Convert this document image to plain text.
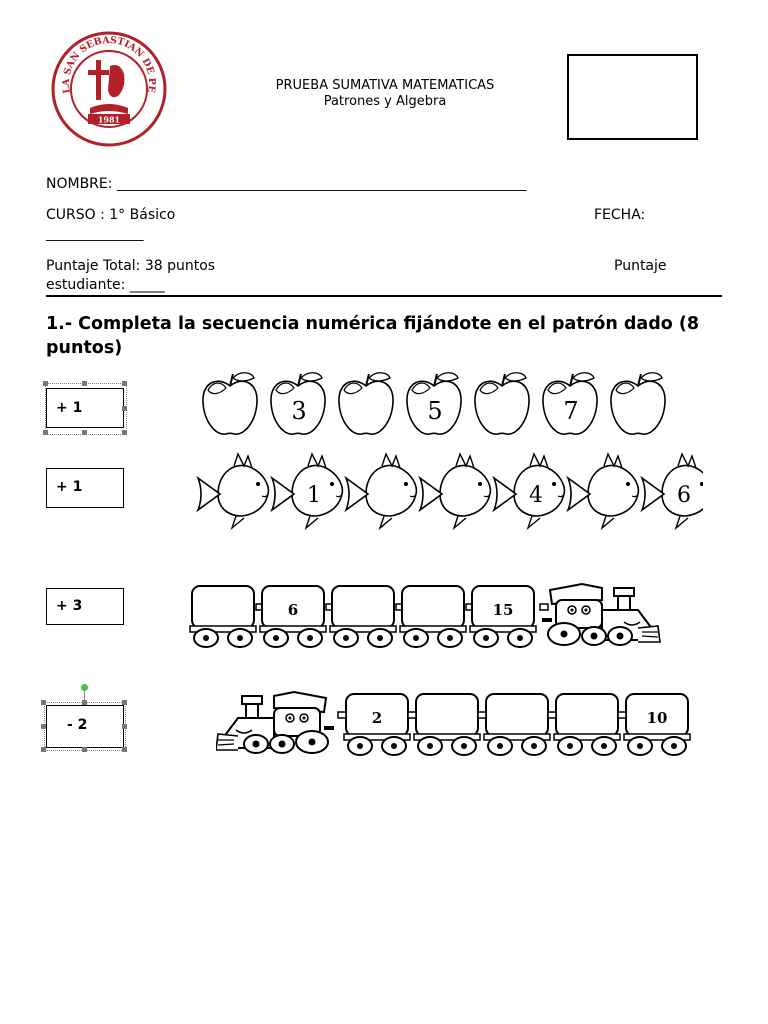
LA SAN SEBASTIAN DE PE
1981
PRUEBA SUMATIVA MATEMATICAS
Patrones y Algebra
NOMBRE: _______________________________________________________________
CURSO : 1° Básico	FECHA:
_______________
Puntaje Total: 38 puntos	Puntaje
estudiante: _____
1.- Completa la secuencia numérica fijándote en el patrón dado (8
puntos)
+ 1
+ 1
+ 3
- 2
3	5	7
1	4	6
6	15
2	10
